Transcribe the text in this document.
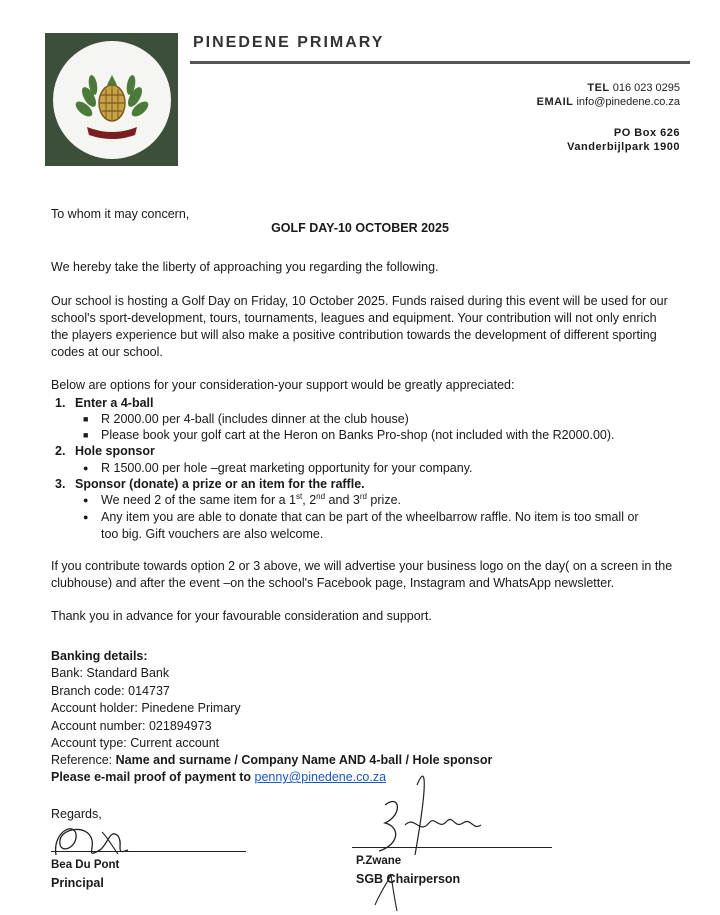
PINEDENE PRIMARY
TEL 016 023 0295
EMAIL info@pinedene.co.za
PO Box 626
Vanderbijlpark 1900
To whom it may concern,
GOLF DAY-10 OCTOBER 2025
We hereby take the liberty of approaching you regarding the following.
Our school is hosting a Golf Day on Friday, 10 October 2025. Funds raised during this event will be used for our school's sport-development, tours, tournaments, leagues and equipment. Your contribution will not only enrich the players experience but will also make a positive contribution towards the development of different sporting codes at our school.
Below are options for your consideration-your support would be greatly appreciated:
1. Enter a 4-ball
■ R 2000.00 per 4-ball (includes dinner at the club house)
■ Please book your golf cart at the Heron on Banks Pro-shop (not included with the R2000.00).
2. Hole sponsor
● R 1500.00 per hole –great marketing opportunity for your company.
3. Sponsor (donate) a prize or an item for the raffle.
● We need 2 of the same item for a 1st, 2nd and 3rd prize.
● Any item you are able to donate that can be part of the wheelbarrow raffle. No item is too small or too big. Gift vouchers are also welcome.
If you contribute towards option 2 or 3 above, we will advertise your business logo on the day( on a screen in the clubhouse) and after the event –on the school's Facebook page, Instagram and WhatsApp newsletter.
Thank you in advance for your favourable consideration and support.
Banking details:
Bank: Standard Bank
Branch code: 014737
Account holder: Pinedene Primary
Account number: 021894973
Account type: Current account
Reference: Name and surname / Company Name AND 4-ball / Hole sponsor
Please e-mail proof of payment to penny@pinedene.co.za
Regards,
Bea Du Pont
Principal
P.Zwane
SGB Chairperson
